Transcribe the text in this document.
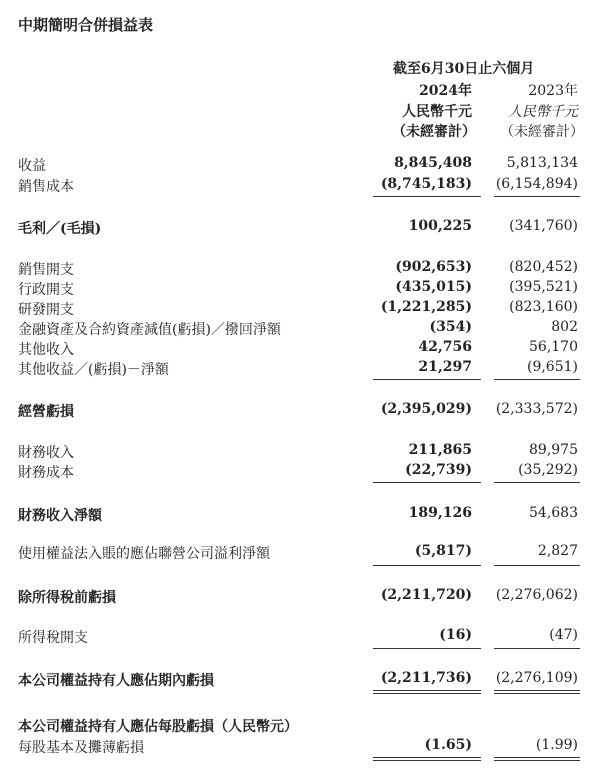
中期簡明合併損益表
截至6月30日止六個月
2024年	2023年
人民幣千元	人民幣千元
（未經審計） （未經審計）
收益	8,845,408 5,813,134
銷售成本	(8,745,183) (6,154,894)
毛利／(毛損)	100,225	(341,760)
銷售開支	(902,653)	(820,452)
行政開支	(435,015)	(395,521)
研發開支	(1,221,285)	(823,160)
金融資產及合約資產減值(虧損)／撥回淨額	(354)	802
其他收入	42,756	56,170
其他收益／(虧損)－淨額	21,297	(9,651)
經營虧損	(2,395,029) (2,333,572)
財務收入	211,865	89,975
財務成本	(22,739)	(35,292)
財務收入淨額	189,126	54,683
使用權益法入賬的應佔聯營公司溢利淨額	(5,817)	2,827
除所得稅前虧損	(2,211,720) (2,276,062)
所得稅開支	(16)	(47)
本公司權益持有人應佔期內虧損	(2,211,736) (2,276,109)
本公司權益持有人應佔每股虧損（人民幣元）
每股基本及攤薄虧損	(1.65)	(1.99)
